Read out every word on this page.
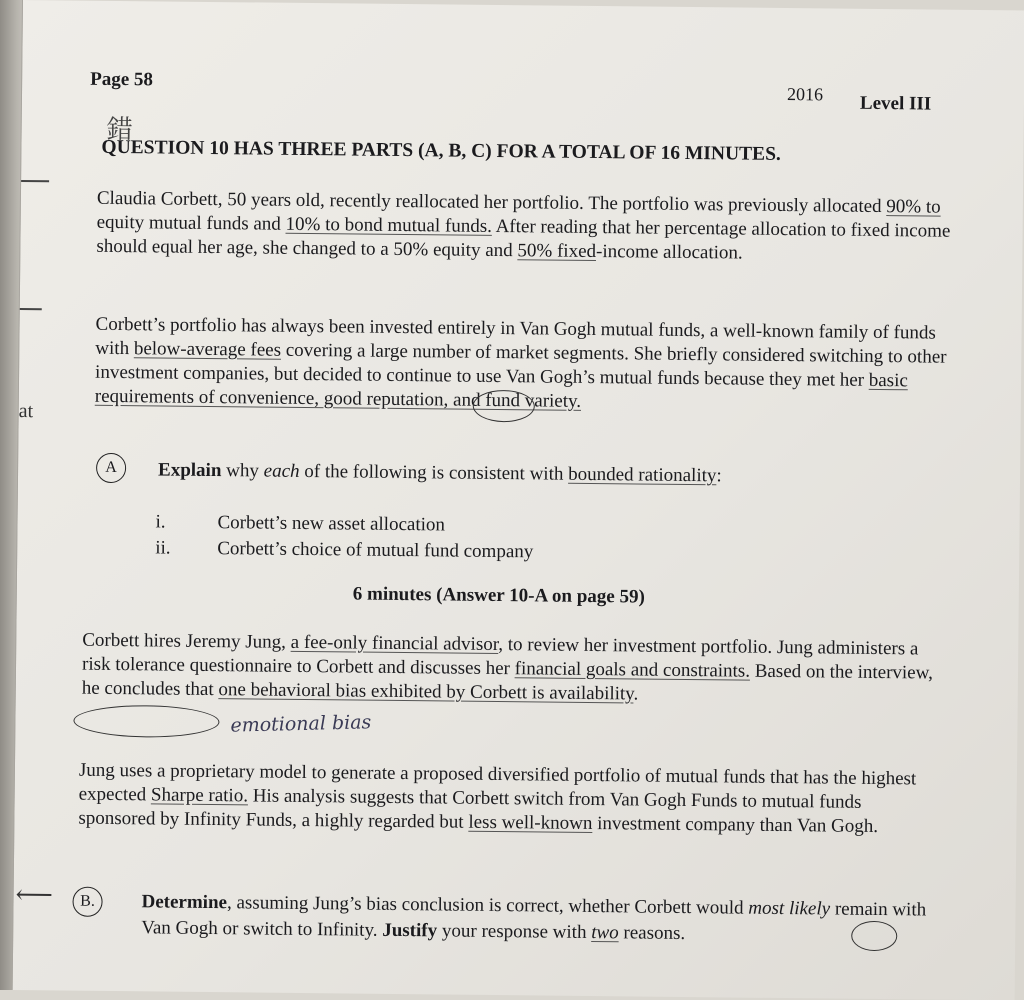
at
Page 58
2016 Level III
錯
QUESTION 10 HAS THREE PARTS (A, B, C) FOR A TOTAL OF 16 MINUTES.
Claudia Corbett, 50 years old, recently reallocated her portfolio. The portfolio was previously allocated 90% to equity mutual funds and 10% to bond mutual funds. After reading that her percentage allocation to fixed income should equal her age, she changed to a 50% equity and 50% fixed-income allocation.
Corbett’s portfolio has always been invested entirely in Van Gogh mutual funds, a well-known family of funds with below-average fees covering a large number of market segments. She briefly considered switching to other investment companies, but decided to continue to use Van Gogh’s mutual funds because they met her basic requirements of convenience, good reputation, and fund variety.
A	Explain why each of the following is consistent with bounded rationality:
i.	Corbett’s new asset allocation
ii. Corbett’s choice of mutual fund company
6 minutes (Answer 10-A on page 59)
Corbett hires Jeremy Jung, a fee-only financial advisor, to review her investment portfolio. Jung administers a risk tolerance questionnaire to Corbett and discusses her financial goals and constraints. Based on the interview, he concludes that one behavioral bias exhibited by Corbett is availability.
emotional bias
Jung uses a proprietary model to generate a proposed diversified portfolio of mutual funds that has the highest expected Sharpe ratio. His analysis suggests that Corbett switch from Van Gogh Funds to mutual funds sponsored by Infinity Funds, a highly regarded but less well-known investment company than Van Gogh.
⟵	B.	Determine, assuming Jung’s bias conclusion is correct, whether Corbett would most likely remain with Van Gogh or switch to Infinity. Justify your response with two reasons.
